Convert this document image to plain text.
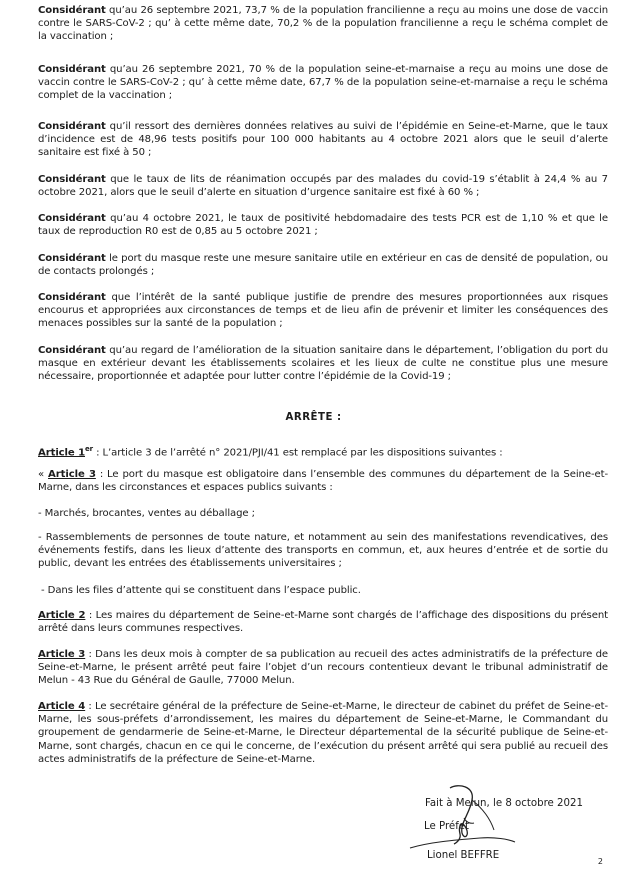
Considérant qu’au 26 septembre 2021, 73,7 % de la population francilienne a reçu au moins une dose de vaccin contre le SARS-CoV-2 ; qu’ à cette même date, 70,2 % de la population francilienne a reçu le schéma complet de la vaccination ;

Considérant qu’au 26 septembre 2021, 70 % de la population seine-et-marnaise a reçu au moins une dose de vaccin contre le SARS-CoV-2 ; qu’ à cette même date, 67,7 % de la population seine-et-marnaise a reçu le schéma complet de la vaccination ;

Considérant qu’il ressort des dernières données relatives au suivi de l’épidémie en Seine-et-Marne, que le taux d’incidence est de 48,96 tests positifs pour 100 000 habitants au 4 octobre 2021 alors que le seuil d’alerte sanitaire est fixé à 50 ;

Considérant que le taux de lits de réanimation occupés par des malades du covid-19 s’établit à 24,4 % au 7 octobre 2021, alors que le seuil d’alerte en situation d’urgence sanitaire est fixé à 60 % ;

Considérant qu’au 4 octobre 2021, le taux de positivité hebdomadaire des tests PCR est de 1,10 % et que le taux de reproduction R0 est de 0,85 au 5 octobre 2021 ;

Considérant le port du masque reste une mesure sanitaire utile en extérieur en cas de densité de population, ou de contacts prolongés ;

Considérant que l’intérêt de la santé publique justifie de prendre des mesures proportionnées aux risques encourus et appropriées aux circonstances de temps et de lieu afin de prévenir et limiter les conséquences des menaces possibles sur la santé de la population ;

Considérant qu’au regard de l’amélioration de la situation sanitaire dans le département, l’obligation du port du masque en extérieur devant les établissements scolaires et les lieux de culte ne constitue plus une mesure nécessaire, proportionnée et adaptée pour lutter contre l’épidémie de la Covid-19 ;

ARRÊTE :

Article 1er : L’article 3 de l’arrêté n° 2021/PJI/41 est remplacé par les dispositions suivantes :

« Article 3 : Le port du masque est obligatoire dans l’ensemble des communes du département de la Seine-et-Marne, dans les circonstances et espaces publics suivants :

- Marchés, brocantes, ventes au déballage ;

- Rassemblements de personnes de toute nature, et notamment au sein des manifestations revendicatives, des événements festifs, dans les lieux d’attente des transports en commun, et, aux heures d’entrée et de sortie du public, devant les entrées des établissements universitaires ;

- Dans les files d’attente qui se constituent dans l’espace public.

Article 2 : Les maires du département de Seine-et-Marne sont chargés de l’affichage des dispositions du présent arrêté dans leurs communes respectives.

Article 3 : Dans les deux mois à compter de sa publication au recueil des actes administratifs de la préfecture de Seine-et-Marne, le présent arrêté peut faire l’objet d’un recours contentieux devant le tribunal administratif de Melun - 43 Rue du Général de Gaulle, 77000 Melun.

Article 4 : Le secrétaire général de la préfecture de Seine-et-Marne, le directeur de cabinet du préfet de Seine-et-Marne, les sous-préfets d’arrondissement, les maires du département de Seine-et-Marne, le Commandant du groupement de gendarmerie de Seine-et-Marne, le Directeur départemental de la sécurité publique de Seine-et-Marne, sont chargés, chacun en ce qui le concerne, de l’exécution du présent arrêté qui sera publié au recueil des actes administratifs de la préfecture de Seine-et-Marne.

Fait à Melun, le 8 octobre 2021
Le Préfet
Lionel BEFFRE
2
